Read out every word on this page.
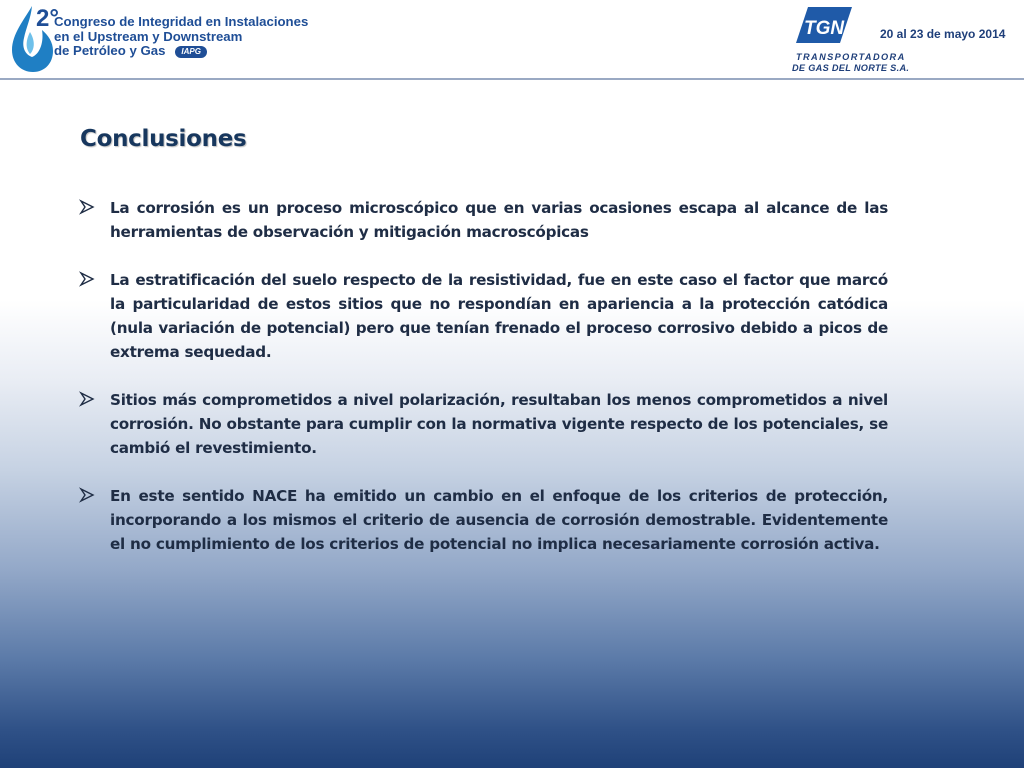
2°
Congreso de Integridad en Instalaciones
en el Upstream y Downstream
de Petróleo y Gas IAPG
TGN
TRANSPORTADORA
DE GAS DEL NORTE S.A.
20 al 23 de mayo 2014
Conclusiones
La corrosión es un proceso microscópico que en varias ocasiones escapa al alcance de las herramientas de observación y mitigación macroscópicas
La estratificación del suelo respecto de la resistividad, fue en este caso el factor que marcó la particularidad de estos sitios que no respondían en apariencia a la protección catódica (nula variación de potencial) pero que tenían frenado el proceso corrosivo debido a picos de extrema sequedad.
Sitios más comprometidos a nivel polarización, resultaban los menos comprometidos a nivel corrosión. No obstante para cumplir con la normativa vigente respecto de los potenciales, se cambió el revestimiento.
En este sentido NACE ha emitido un cambio en el enfoque de los criterios de protección, incorporando a los mismos el criterio de ausencia de corrosión demostrable. Evidentemente el no cumplimiento de los criterios de potencial no implica necesariamente corrosión activa.
